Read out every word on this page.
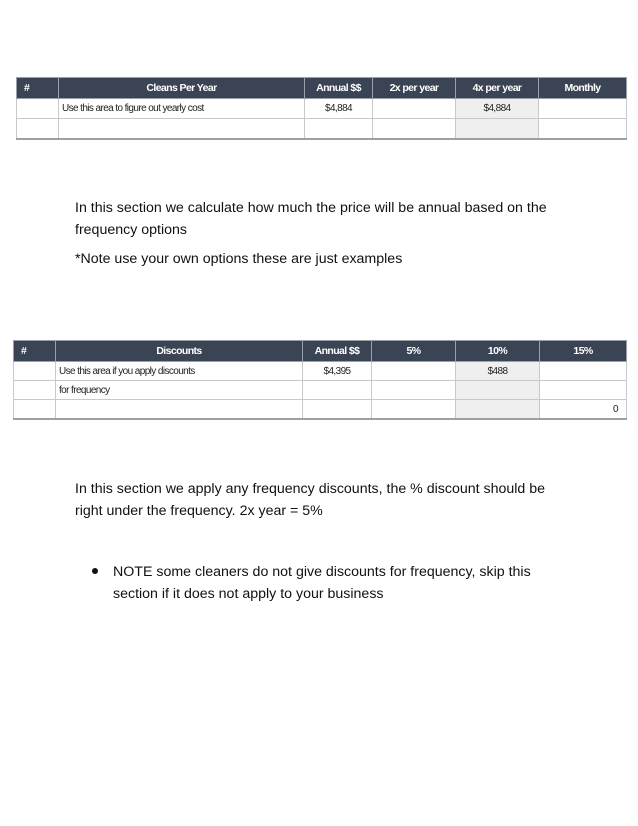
#	Cleans Per Year	Annual $$	2x per year	4x per year	Monthly
	Use this area to figure out yearly cost	$4,884		$4,884	

In this section we calculate how much the price will be annual based on the frequency options

*Note use your own options these are just examples

#	Discounts	Annual $$	5%	10%	15%
	Use this area if you apply discounts	$4,395		$488	
	for frequency				
					0

In this section we apply any frequency discounts, the % discount should be right under the frequency. 2x year = 5%

NOTE some cleaners do not give discounts for frequency, skip this section if it does not apply to your business
